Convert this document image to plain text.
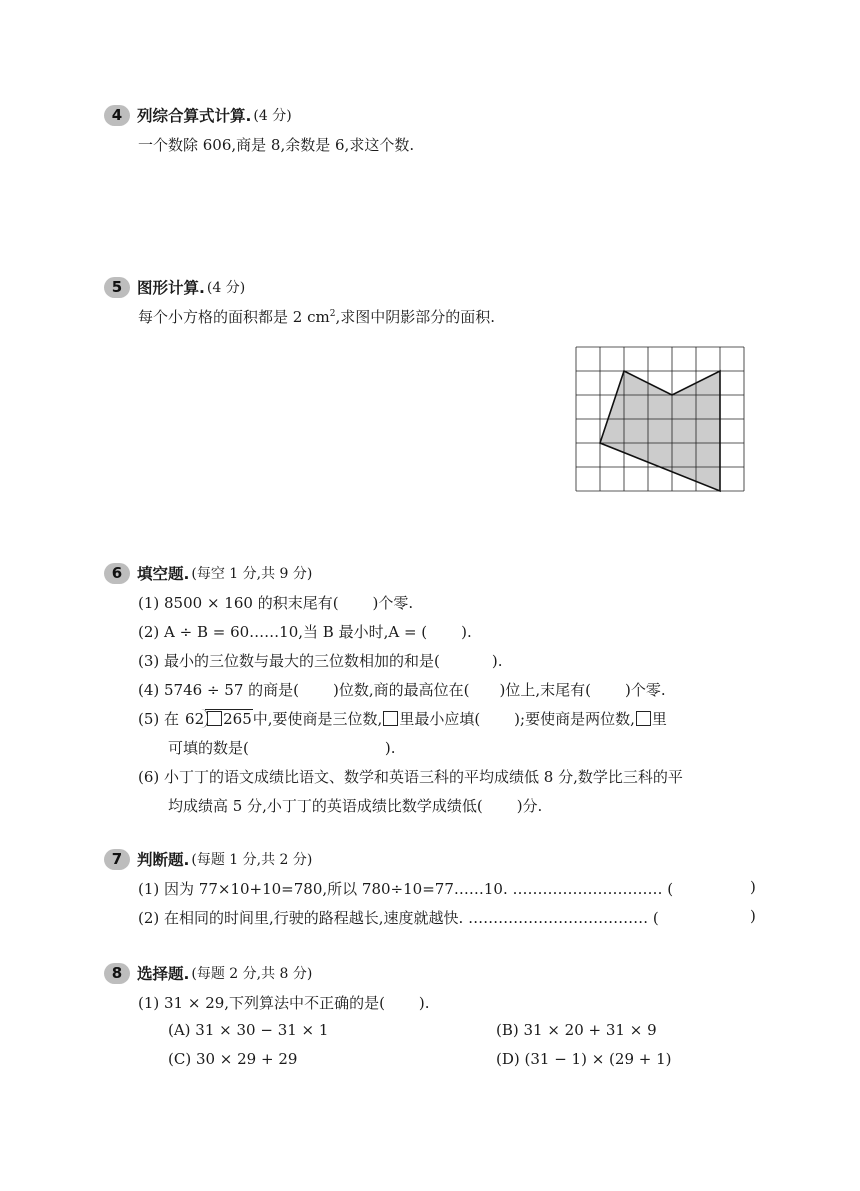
4 列综合算式计算. (4 分)
一个数除 606,商是 8,余数是 6,求这个数.
5 图形计算. (4 分)
每个小方格的面积都是 2 $cm^2$,求图中阴影部分的面积.
6 填空题. (每空 1 分,共 9 分)
(1) 8500 × 160 的积末尾有( )个零.
(2) A ÷ B = 60……10,当 B 最小时,A = ( ).
(3) 最小的三位数与最大的三位数相加的和是(	).
(4) 5746 ÷ 57 的商是( )位数,商的最高位在( )位上,末尾有( )个零.
(5) 在 62 265中,要使商是三位数, 里最小应填( );要使商是两位数, 里
可填的数是(	).
(6) 小丁丁的语文成绩比语文、数学和英语三科的平均成绩低 8 分,数学比三科的平
均成绩高 5 分,小丁丁的英语成绩比数学成绩低( )分.
7 判断题. (每题 1 分,共 2 分)
(1) 因为 77×10+10=780,所以 780÷10=77……10. ………………………… (	)
(2) 在相同的时间里,行驶的路程越长,速度就越快. ……………………………… (	)
8 选择题. (每题 2 分,共 8 分)
(1) 31 × 29,下列算法中不正确的是( ).
(A) 31 × 30 − 31 × 1	(B) 31 × 20 + 31 × 9
(C) 30 × 29 + 29	(D) (31 − 1) × (29 + 1)
